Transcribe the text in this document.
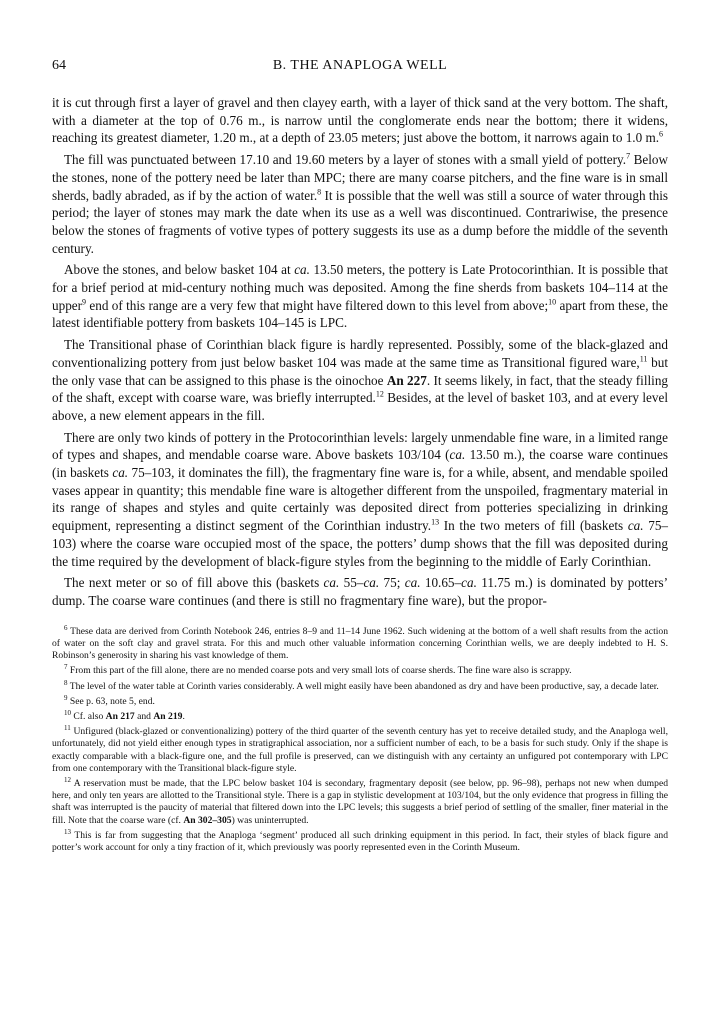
64	B. THE ANAPLOGA WELL

it is cut through first a layer of gravel and then clayey earth, with a layer of thick sand at the very bottom. The shaft, with a diameter at the top of 0.76 m., is narrow until the conglomerate ends near the bottom; there it widens, reaching its greatest diameter, 1.20 m., at a depth of 23.05 meters; just above the bottom, it narrows again to 1.0 m.$^6$

The fill was punctuated between 17.10 and 19.60 meters by a layer of stones with a small yield of pottery.$^7$ Below the stones, none of the pottery need be later than MPC; there are many coarse pitchers, and the fine ware is in small sherds, badly abraded, as if by the action of water.$^8$ It is possible that the well was still a source of water through this period; the layer of stones may mark the date when its use as a well was discontinued. Contrariwise, the presence below the stones of fragments of votive types of pottery suggests its use as a dump before the middle of the seventh century.

Above the stones, and below basket 104 at ca. 13.50 meters, the pottery is Late Protocorinthian. It is possible that for a brief period at mid-century nothing much was deposited. Among the fine sherds from baskets 104–114 at the upper$^9$ end of this range are a very few that might have filtered down to this level from above;$^{10}$ apart from these, the latest identifiable pottery from baskets 104–145 is LPC.

The Transitional phase of Corinthian black figure is hardly represented. Possibly, some of the black-glazed and conventionalizing pottery from just below basket 104 was made at the same time as Transitional figured ware,$^{11}$ but the only vase that can be assigned to this phase is the oinochoe An 227. It seems likely, in fact, that the steady filling of the shaft, except with coarse ware, was briefly interrupted.$^{12}$ Besides, at the level of basket 103, and at every level above, a new element appears in the fill.

There are only two kinds of pottery in the Protocorinthian levels: largely unmendable fine ware, in a limited range of types and shapes, and mendable coarse ware. Above baskets 103/104 (ca. 13.50 m.), the coarse ware continues (in baskets ca. 75–103, it dominates the fill), the fragmentary fine ware is, for a while, absent, and mendable spoiled vases appear in quantity; this mendable fine ware is altogether different from the unspoiled, fragmentary material in its range of shapes and styles and quite certainly was deposited direct from potteries specializing in drinking equipment, representing a distinct segment of the Corinthian industry.$^{13}$ In the two meters of fill (baskets ca. 75–103) where the coarse ware occupied most of the space, the potters’ dump shows that the fill was deposited during the time required by the development of black-figure styles from the beginning to the middle of Early Corinthian.

The next meter or so of fill above this (baskets ca. 55–ca. 75; ca. 10.65–ca. 11.75 m.) is dominated by potters’ dump. The coarse ware continues (and there is still no fragmentary fine ware), but the propor-

$^6$ These data are derived from Corinth Notebook 246, entries 8–9 and 11–14 June 1962. Such widening at the bottom of a well shaft results from the action of water on the soft clay and gravel strata. For this and much other valuable information concerning Corinthian wells, we are deeply indebted to H. S. Robinson’s generosity in sharing his vast knowledge of them.

$^7$ From this part of the fill alone, there are no mended coarse pots and very small lots of coarse sherds. The fine ware also is scrappy.

$^8$ The level of the water table at Corinth varies considerably. A well might easily have been abandoned as dry and have been productive, say, a decade later.

$^9$ See p. 63, note 5, end.

$^{10}$ Cf. also An 217 and An 219.

$^{11}$ Unfigured (black-glazed or conventionalizing) pottery of the third quarter of the seventh century has yet to receive detailed study, and the Anaploga well, unfortunately, did not yield either enough types in stratigraphical association, nor a sufficient number of each, to be a basis for such study. Only if the shape is exactly comparable with a black-figure one, and the full profile is preserved, can we distinguish with any certainty an unfigured pot contemporary with LPC from one contemporary with the Transitional black-figure style.

$^{12}$ A reservation must be made, that the LPC below basket 104 is secondary, fragmentary deposit (see below, pp. 96–98), perhaps not new when dumped here, and only ten years are allotted to the Transitional style. There is a gap in stylistic development at 103/104, but the only evidence that progress in filling the shaft was interrupted is the paucity of material that filtered down into the LPC levels; this suggests a brief period of settling of the smaller, finer material in the fill. Note that the coarse ware (cf. An 302–305) was uninterrupted.

$^{13}$ This is far from suggesting that the Anaploga ‘segment’ produced all such drinking equipment in this period. In fact, their styles of black figure and potter’s work account for only a tiny fraction of it, which previously was poorly represented even in the Corinth Museum.
